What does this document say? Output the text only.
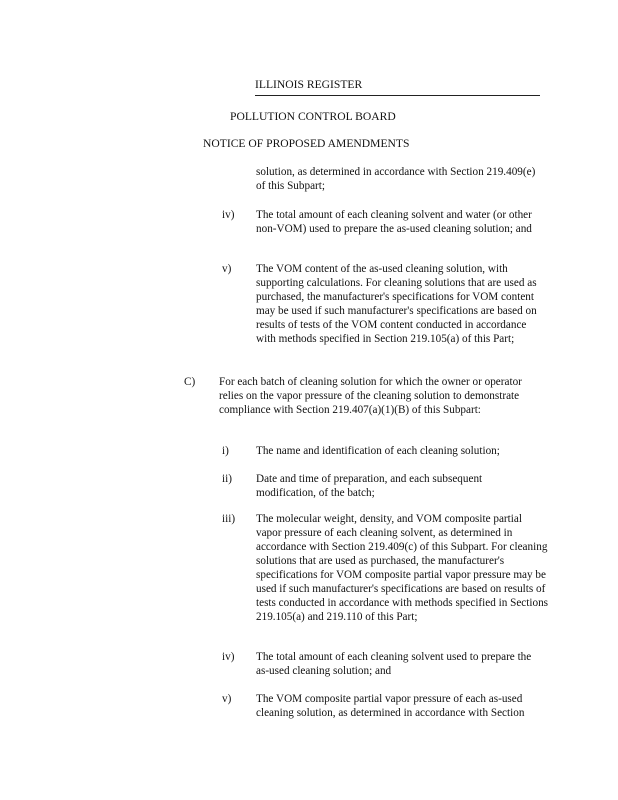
ILLINOIS REGISTER
POLLUTION CONTROL BOARD
NOTICE OF PROPOSED AMENDMENTS

solution, as determined in accordance with Section 219.409(e) of this Subpart;

iv) The total amount of each cleaning solvent and water (or other non-VOM) used to prepare the as-used cleaning solution; and

v) The VOM content of the as-used cleaning solution, with supporting calculations. For cleaning solutions that are used as purchased, the manufacturer's specifications for VOM content may be used if such manufacturer's specifications are based on results of tests of the VOM content conducted in accordance with methods specified in Section 219.105(a) of this Part;

C) For each batch of cleaning solution for which the owner or operator relies on the vapor pressure of the cleaning solution to demonstrate compliance with Section 219.407(a)(1)(B) of this Subpart:

i) The name and identification of each cleaning solution;

ii) Date and time of preparation, and each subsequent modification, of the batch;

iii) The molecular weight, density, and VOM composite partial vapor pressure of each cleaning solvent, as determined in accordance with Section 219.409(c) of this Subpart. For cleaning solutions that are used as purchased, the manufacturer's specifications for VOM composite partial vapor pressure may be used if such manufacturer's specifications are based on results of tests conducted in accordance with methods specified in Sections 219.105(a) and 219.110 of this Part;

iv) The total amount of each cleaning solvent used to prepare the as-used cleaning solution; and

v) The VOM composite partial vapor pressure of each as-used cleaning solution, as determined in accordance with Section
